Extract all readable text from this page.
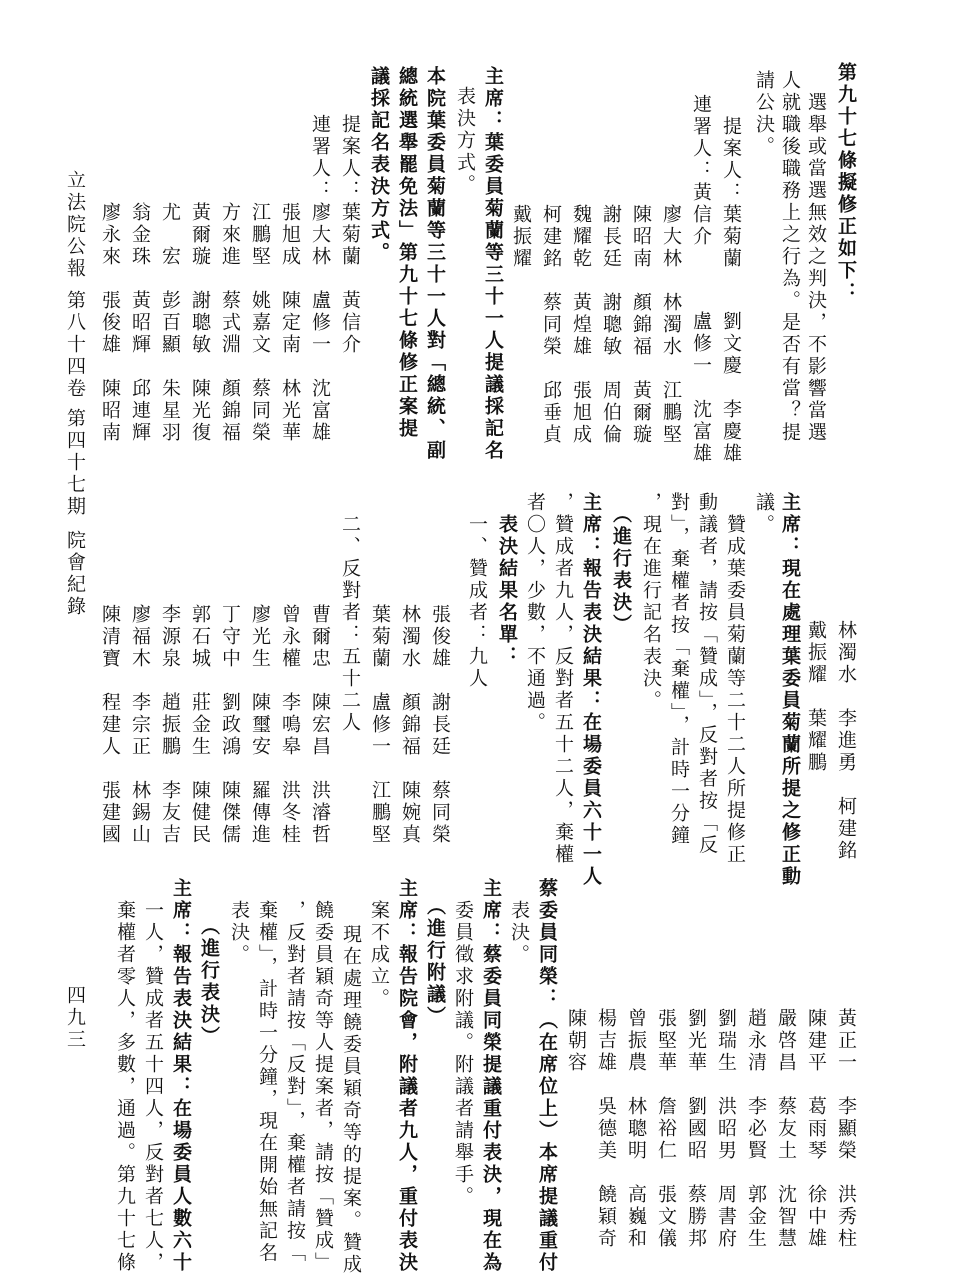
第九十七條擬修正如下：
選舉或當選無效之判決，不影響當選
人就職後職務上之行為。是否有當？提
請公決。
提案人：葉菊蘭
劉文慶　李慶雄
連署人：黃信介
盧修一　沈富雄
廖大林　林濁水　江鵬堅
陳昭南　顏錦福　黃爾璇
謝長廷　謝聰敏　周伯倫
魏耀乾　黃煌雄　張旭成
柯建銘　蔡同榮　邱垂貞
戴振耀
主席：葉委員菊蘭等三十一人提議採記名
表決方式。
本院葉委員菊蘭等三十一人對「總統、副
總統選舉罷免法」第九十七條修正案提
議採記名表決方式。
提案人：葉菊蘭　黃信介
連署人：廖大林　盧修一　沈富雄
張旭成　陳定南　林光華
江鵬堅　姚嘉文　蔡同榮
方來進　蔡式淵　顏錦福
黃爾璇　謝聰敏　陳光復
尤　宏　彭百顯　朱星羽
翁金珠　黃昭輝　邱連輝
廖永來　張俊雄　陳昭南
立法院公報
第八十四卷
第四十七期
院會紀錄
四九三
林濁水　李進勇　柯建銘
戴振耀　葉耀鵬
主席：現在處理葉委員菊蘭所提之修正動
議。
贊成葉委員菊蘭等二十二人所提修正
動議者，請按「贊成」，反對者按「反
對」，棄權者按「棄權」，計時一分鐘
，現在進行記名表決。
（進行表決）
主席：報告表決結果：在場委員六十一人
，贊成者九人，反對者五十二人，棄權
者〇人，少數，不通過。
表決結果名單：
一、贊成者：九人
張俊雄　謝長廷　蔡同榮
林濁水　顏錦福　陳婉真
葉菊蘭　盧修一　江鵬堅
二、反對者：五十二人
曹爾忠　陳宏昌　洪濬哲
曾永權　李鳴皋　洪冬桂
廖光生　陳璽安　羅傳進
丁守中　劉政鴻　陳傑儒
郭石城　莊金生　陳健民
李源泉　趙振鵬　李友吉
廖福木　李宗正　林錫山
陳清寶　程建人　張建國
黃正一　李顯榮　洪秀柱
陳建平　葛雨琴　徐中雄
嚴啓昌　蔡友土　沈智慧
趙永清　李必賢　郭金生
劉瑞生　洪昭男　周書府
劉光華　劉國昭　蔡勝邦
張堅華　詹裕仁　張文儀
曾振農　林聰明　高巍和
楊吉雄　吳德美　饒穎奇
陳朝容
蔡委員同榮：（在席位上）本席提議重付
表決。
主席：蔡委員同榮提議重付表決，現在為
委員徵求附議。附議者請舉手。
（進行附議）
主席：報告院會，附議者九人，重付表決
案不成立。
現在處理饒委員穎奇等的提案。贊成
饒委員穎奇等人提案者，請按「贊成」
，反對者請按「反對」，棄權者請按「
棄權」，計時一分鐘，現在開始無記名
表決。
（進行表決）
主席：報告表決結果：在場委員人數六十
一人，贊成者五十四人，反對者七人，
棄權者零人，多數，通過。第九十七條
